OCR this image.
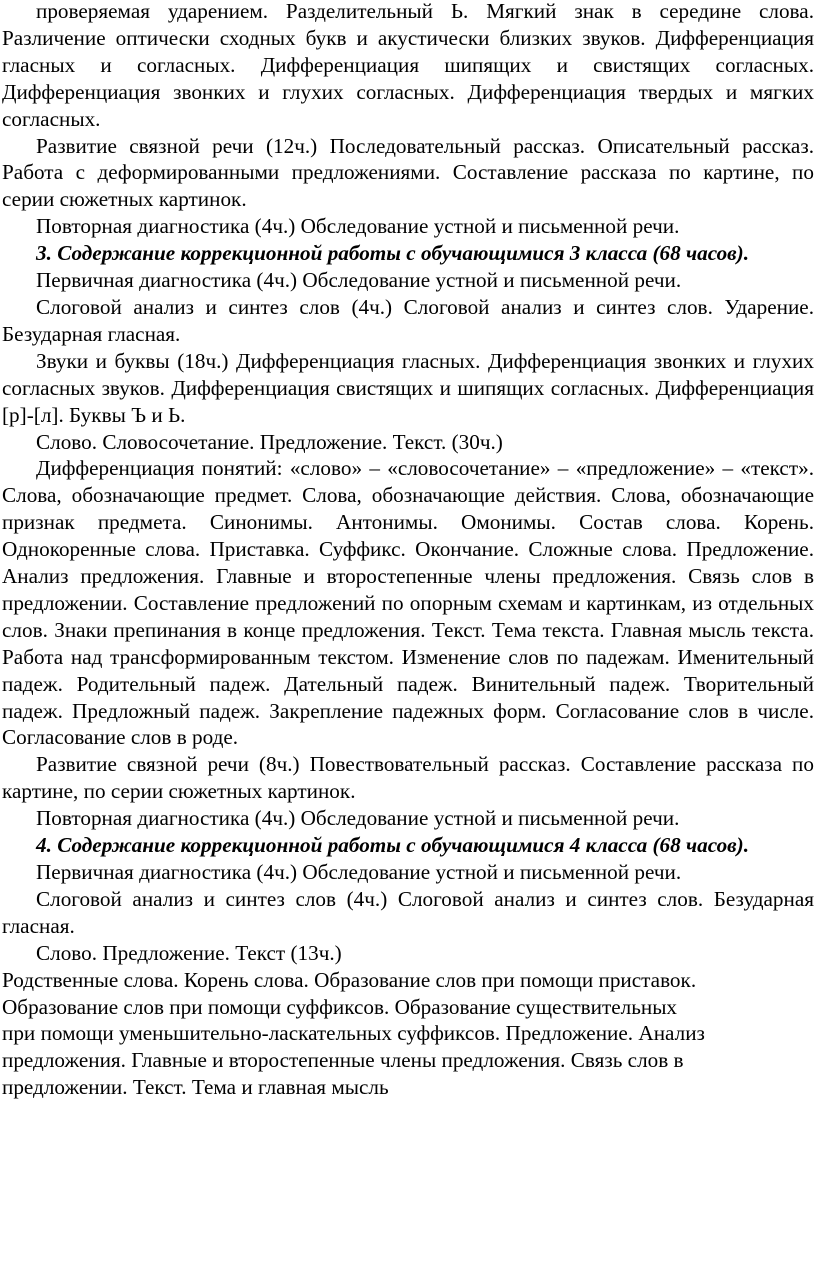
проверяемая ударением. Разделительный Ь. Мягкий знак в середине слова. Различение оптически сходных букв и акустически близких звуков. Дифференциация гласных и согласных. Дифференциация шипящих и свистящих согласных. Дифференциация звонких и глухих согласных. Дифференциация твердых и мягких согласных.

Развитие связной речи (12ч.) Последовательный рассказ. Описательный рассказ. Работа с деформированными предложениями. Составление рассказа по картине, по серии сюжетных картинок.

Повторная диагностика (4ч.) Обследование устной и письменной речи.

3. Содержание коррекционной работы с обучающимися 3 класса (68 часов).

Первичная диагностика (4ч.) Обследование устной и письменной речи.

Слоговой анализ и синтез слов (4ч.) Слоговой анализ и синтез слов. Ударение. Безударная гласная.

Звуки и буквы (18ч.) Дифференциация гласных. Дифференциация звонких и глухих согласных звуков. Дифференциация свистящих и шипящих согласных. Дифференциация [р]-[л]. Буквы Ъ и Ь.

Слово. Словосочетание. Предложение. Текст. (30ч.)

Дифференциация понятий: «слово» – «словосочетание» – «предложение» – «текст». Слова, обозначающие предмет. Слова, обозначающие действия. Слова, обозначающие признак предмета. Синонимы. Антонимы. Омонимы. Состав слова. Корень. Однокоренные слова. Приставка. Суффикс. Окончание. Сложные слова. Предложение. Анализ предложения. Главные и второстепенные члены предложения. Связь слов в предложении. Составление предложений по опорным схемам и картинкам, из отдельных слов. Знаки препинания в конце предложения. Текст. Тема текста. Главная мысль текста. Работа над трансформированным текстом. Изменение слов по падежам. Именительный падеж. Родительный падеж. Дательный падеж. Винительный падеж. Творительный падеж. Предложный падеж. Закрепление падежных форм. Согласование слов в числе. Согласование слов в роде.

Развитие связной речи (8ч.) Повествовательный рассказ. Составление рассказа по картине, по серии сюжетных картинок.

Повторная диагностика (4ч.) Обследование устной и письменной речи.

4. Содержание коррекционной работы с обучающимися 4 класса (68 часов).

Первичная диагностика (4ч.) Обследование устной и письменной речи.

Слоговой анализ и синтез слов (4ч.) Слоговой анализ и синтез слов. Безударная гласная.

Слово. Предложение. Текст (13ч.)

Родственные слова. Корень слова. Образование слов при помощи приставок.
Образование слов при помощи суффиксов. Образование существительных
при помощи уменьшительно-ласкательных суффиксов. Предложение. Анализ
предложения. Главные и второстепенные члены предложения. Связь слов в
предложении. Текст. Тема и главная мысль
